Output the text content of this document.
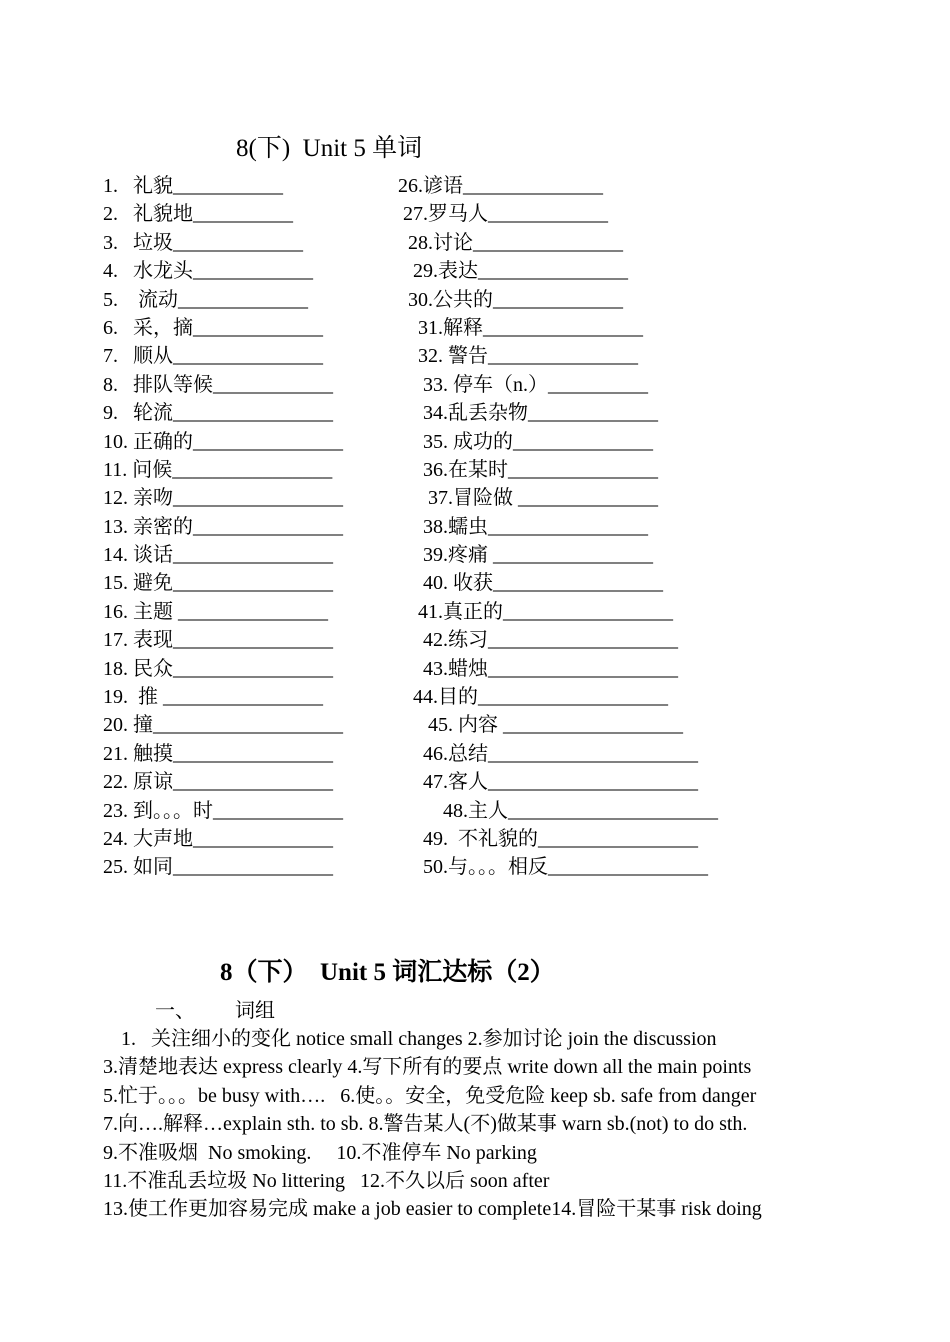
8(下)  Unit 5 单词
1.   礼貌___________	26.谚语______________
2.   礼貌地__________	27.罗马人____________
3.   垃圾_____________	28.讨论_______________
4.   水龙头____________	29.表达_______________
5.    流动_____________	30.公共的_____________
6.   采，摘_____________	31.解释________________
7.   顺从_______________	32. 警告_______________
8.   排队等候____________	33. 停车（n.）__________
9.   轮流________________	34.乱丢杂物_____________
10. 正确的_______________	35. 成功的______________
11. 问候________________	36.在某时_______________
12. 亲吻_________________	37.冒险做 ______________
13. 亲密的_______________	38.蠕虫________________
14. 谈话________________	39.疼痛 ________________
15. 避免________________	40. 收获_________________
16. 主题 _______________	41.真正的_________________
17. 表现________________	42.练习___________________
18. 民众________________	43.蜡烛___________________
19.  推 ________________	44.目的___________________
20. 撞___________________	45. 内容 __________________
21. 触摸________________	46.总结_____________________
22. 原谅________________	47.客人_____________________
23. 到。。。时_____________	48.主人_____________________
24. 大声地______________	49.  不礼貌的________________
25. 如同________________	50.与。。。相反________________
8（下）  Unit 5 词汇达标（2）
一、 词组
1.   关注细小的变化 notice small changes 2.参加讨论 join the discussion
3.清楚地表达 express clearly 4.写下所有的要点 write down all the main points
5.忙于。。。be busy with….   6.使。。安全，免受危险 keep sb. safe from danger
7.向….解释…explain sth. to sb. 8.警告某人(不)做某事 warn sb.(not) to do sth.
9.不准吸烟  No smoking.     10.不准停车 No parking
11.不准乱丢垃圾 No littering   12.不久以后 soon after
13.使工作更加容易完成 make a job easier to complete14.冒险干某事 risk doing
